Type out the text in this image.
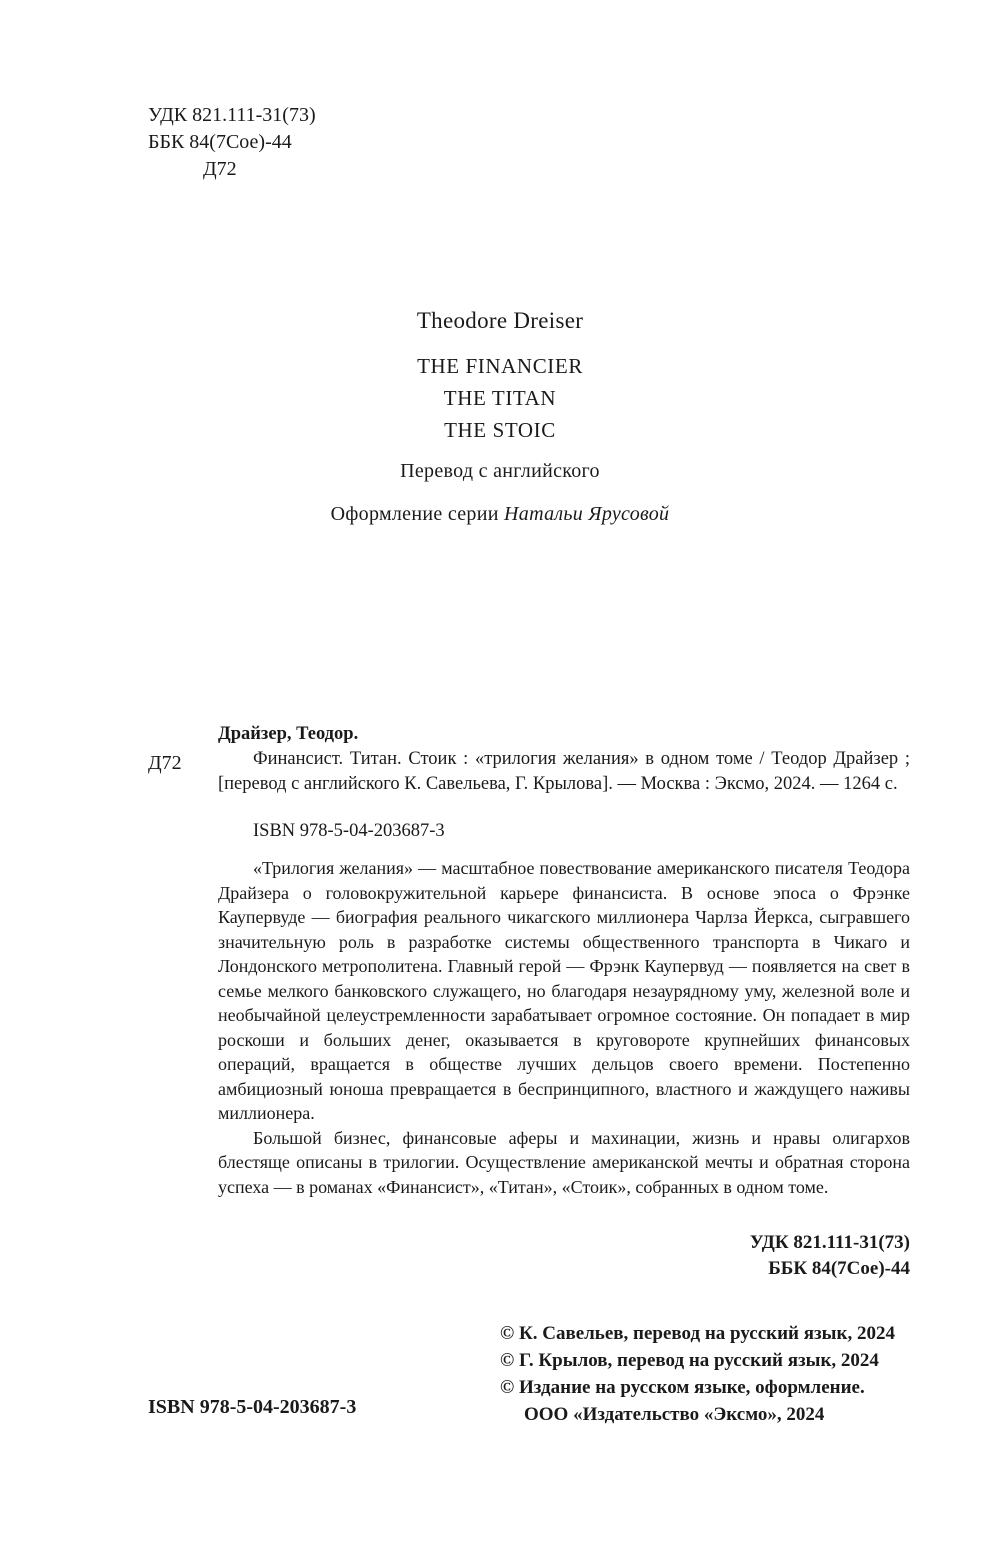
УДК 821.111-31(73)
ББК 84(7Сое)-44
Д72
Theodore Dreiser
THE FINANCIER
THE TITAN
THE STOIC
Перевод с английского
Оформление серии Натальи Ярусовой
Д72
Драйзер, Теодор.

Финансист. Титан. Стоик : «трилогия желания» в одном томе / Теодор Драйзер ; [перевод с английского К. Савельева, Г. Крылова]. — Москва : Эксмо, 2024. — 1264 с.

ISBN 978-5-04-203687-3

«Трилогия желания» — масштабное повествование американского писателя Теодора Драйзера о головокружительной карьере финансиста. В основе эпоса о Фрэнке Каупервуде — биография реального чикагского миллионера Чарлза Йеркса, сыгравшего значительную роль в разработке системы общественного транспорта в Чикаго и Лондонского метрополитена. Главный герой — Фрэнк Каупервуд — появляется на свет в семье мелкого банковского служащего, но благодаря незаурядному уму, железной воле и необычайной целеустремленности зарабатывает огромное состояние. Он попадает в мир роскоши и больших денег, оказывается в круговороте крупнейших финансовых операций, вращается в обществе лучших дельцов своего времени. Постепенно амбициозный юноша превращается в беспринципного, властного и жаждущего наживы миллионера.

Большой бизнес, финансовые аферы и махинации, жизнь и нравы олигархов блестяще описаны в трилогии. Осуществление американской мечты и обратная сторона успеха — в романах «Финансист», «Титан», «Стоик», собранных в одном томе.

УДК 821.111-31(73)
ББК 84(7Сое)-44
© К. Савельев, перевод на русский язык, 2024
© Г. Крылов, перевод на русский язык, 2024
© Издание на русском языке, оформление.
ООО «Издательство «Эксмо», 2024
ISBN 978-5-04-203687-3
